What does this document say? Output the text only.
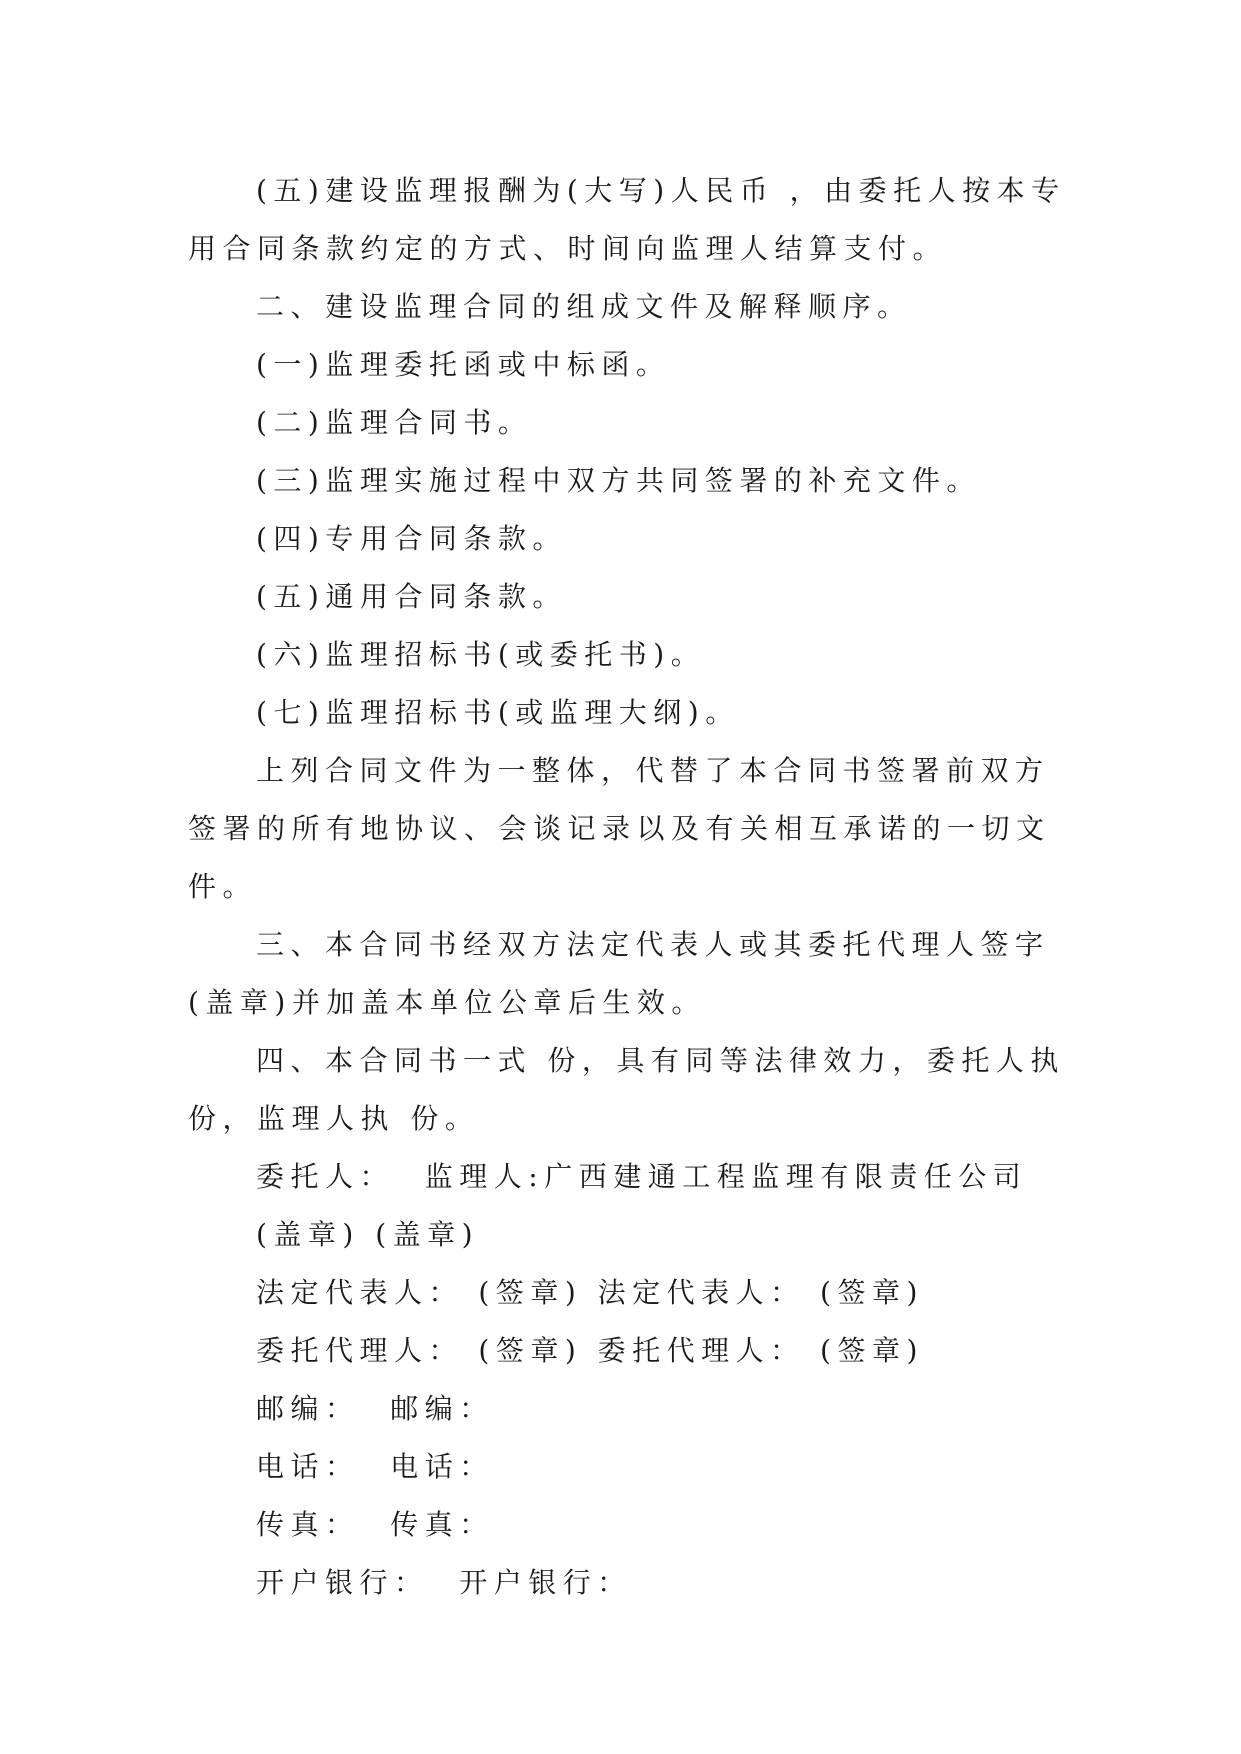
(五)建设监理报酬为(大写)人民币 ，由委托人按本专用合同条款约定的方式、时间向监理人结算支付。

二、建设监理合同的组成文件及解释顺序。

(一)监理委托函或中标函。

(二)监理合同书。

(三)监理实施过程中双方共同签署的补充文件。

(四)专用合同条款。

(五)通用合同条款。

(六)监理招标书(或委托书)。

(七)监理招标书(或监理大纲)。

上列合同文件为一整体，代替了本合同书签署前双方签署的所有地协议、会谈记录以及有关相互承诺的一切文件。

三、本合同书经双方法定代表人或其委托代理人签字(盖章)并加盖本单位公章后生效。

四、本合同书一式 份，具有同等法律效力，委托人执 份，监理人执 份。

委托人：  监理人:广西建通工程监理有限责任公司

(盖章) (盖章)

法定代表人： (签章) 法定代表人： (签章)

委托代理人： (签章) 委托代理人： (签章)

邮编：  邮编：

电话：  电话：

传真：  传真：

开户银行：  开户银行：
